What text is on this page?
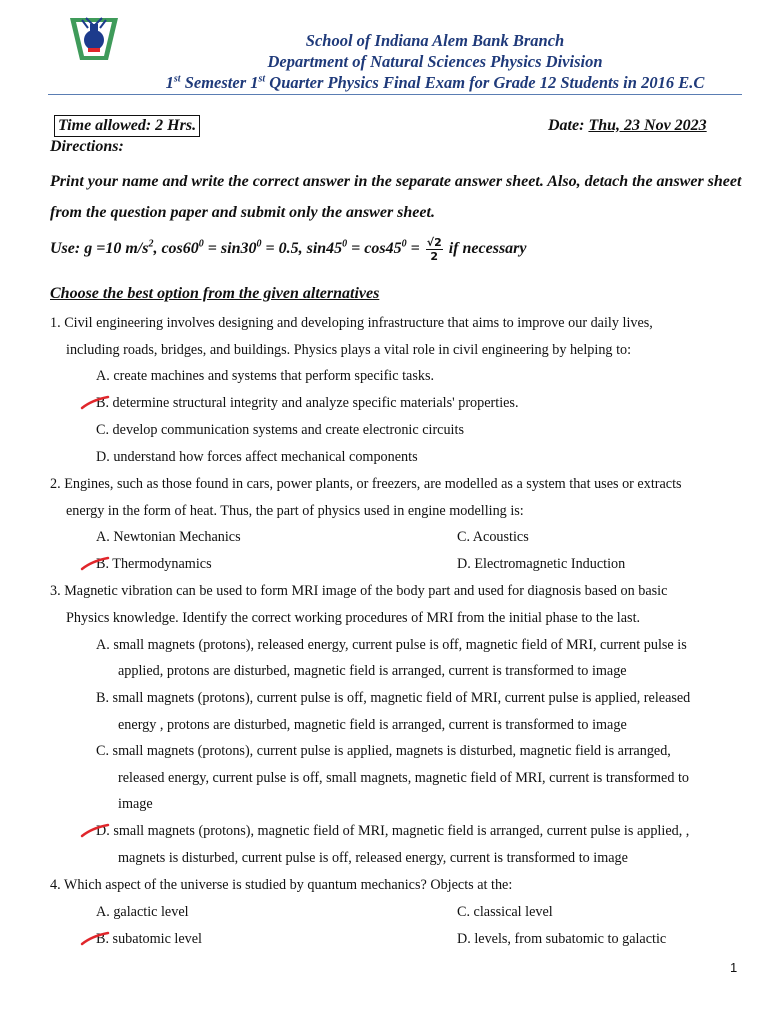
School of Indiana Alem Bank Branch
Department of Natural Sciences Physics Division
1st Semester 1st Quarter Physics Final Exam for Grade 12 Students in 2016 E.C
Time allowed: 2 Hrs.	Date: Thu, 23 Nov 2023
Directions:
Print your name and write the correct answer in the separate answer sheet. Also, detach the answer sheet from the question paper and submit only the answer sheet.
Use: g =10 $m/s^2$, $\cos 60^0 = \sin 30^0 = 0.5$, $\sin 45^0 = \cos 45^0 = \frac{√2}{2}$ if necessary
Choose the best option from the given alternatives
1. Civil engineering involves designing and developing infrastructure that aims to improve our daily lives,
including roads, bridges, and buildings. Physics plays a vital role in civil engineering by helping to:
A. create machines and systems that perform specific tasks.
B. determine structural integrity and analyze specific materials' properties.
C. develop communication systems and create electronic circuits
D. understand how forces affect mechanical components
2. Engines, such as those found in cars, power plants, or freezers, are modelled as a system that uses or extracts
energy in the form of heat. Thus, the part of physics used in engine modelling is:
A. Newtonian Mechanics	C. Acoustics
B. Thermodynamics	D. Electromagnetic Induction
3. Magnetic vibration can be used to form MRI image of the body part and used for diagnosis based on basic
Physics knowledge. Identify the correct working procedures of MRI from the initial phase to the last.
A. small magnets (protons), released energy, current pulse is off, magnetic field of MRI, current pulse is
applied, protons are disturbed, magnetic field is arranged, current is transformed to image
B. small magnets (protons), current pulse is off, magnetic field of MRI, current pulse is applied, released
energy , protons are disturbed, magnetic field is arranged, current is transformed to image
C. small magnets (protons), current pulse is applied, magnets is disturbed, magnetic field is arranged,
released energy, current pulse is off, small magnets, magnetic field of MRI, current is transformed to
image
D. small magnets (protons), magnetic field of MRI, magnetic field is arranged, current pulse is applied, ,
magnets is disturbed, current pulse is off, released energy, current is transformed to image
4. Which aspect of the universe is studied by quantum mechanics? Objects at the:
A. galactic level	C. classical level
B. subatomic level	D. levels, from subatomic to galactic
1
